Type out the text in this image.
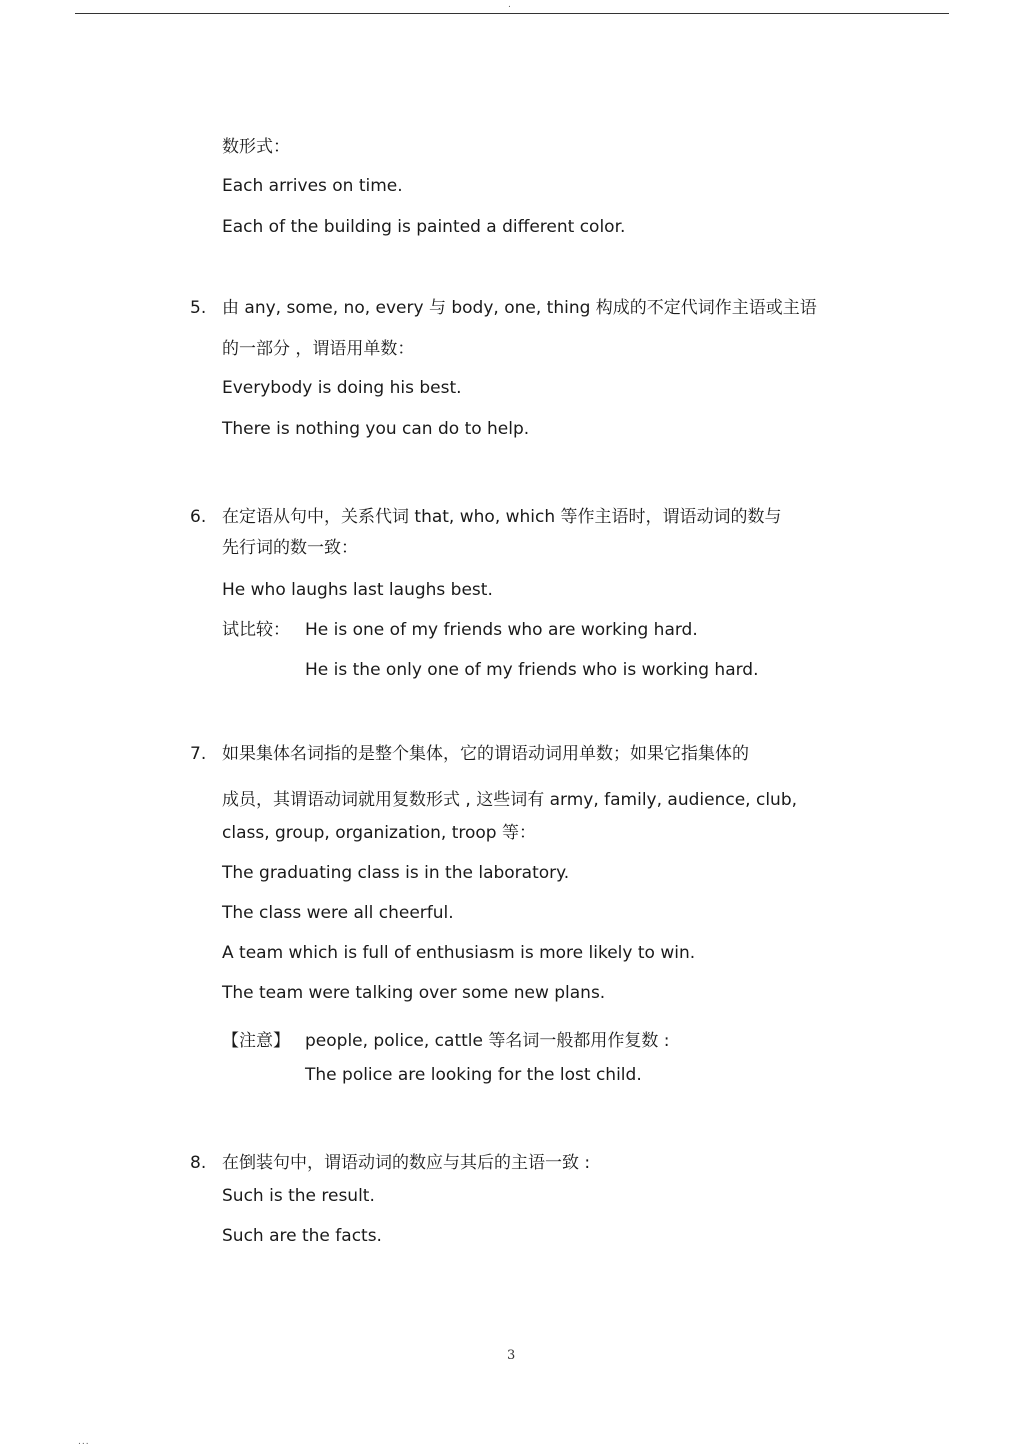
.
数形式：
Each arrives on time.
Each of the building is painted a different color.
5. 由 any, some, no, every 与 body, one, thing 构成的不定代词作主语或主语
的一部分 ，谓语用单数：
Everybody is doing his best.
There is nothing you can do to help.
6. 在定语从句中，关系代词 that, who, which 等作主语时，谓语动词的数与
先行词的数一致：
He who laughs last laughs best.
试比较： He is one of my friends who are working hard.
He is the only one of my friends who is working hard.
7. 如果集体名词指的是整个集体，它的谓语动词用单数；如果它指集体的
成员，其谓语动词就用复数形式 , 这些词有 army, family, audience, club,
class, group, organization, troop 等：
The graduating class is in the laboratory.
The class were all cheerful.
A team which is full of enthusiasm is more likely to win.
The team were talking over some new plans.
【注意】 people, police, cattle 等名词一般都用作复数 :
The police are looking for the lost child.
8. 在倒装句中，谓语动词的数应与其后的主语一致 :
Such is the result.
Such are the facts.
3
...
